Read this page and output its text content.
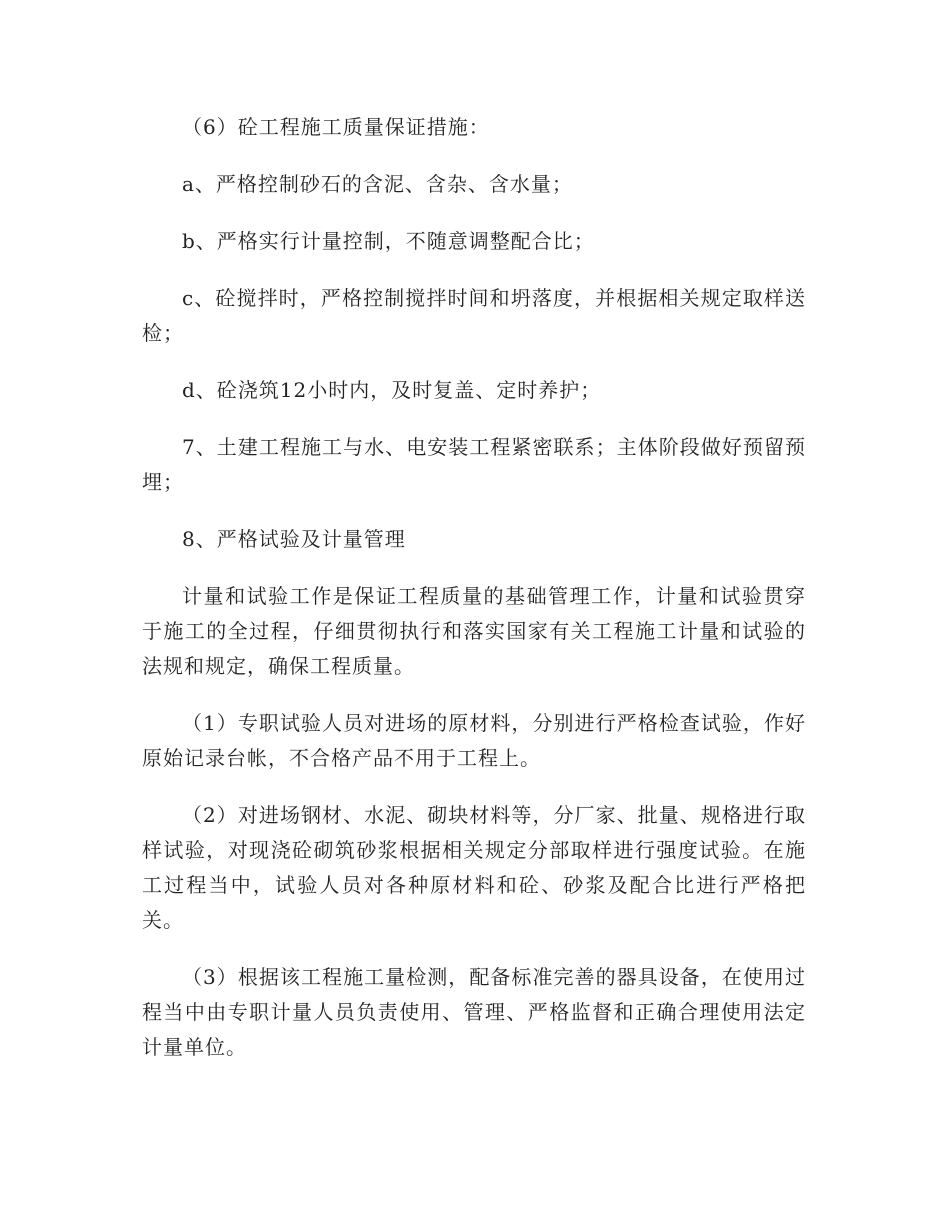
（6）砼工程施工质量保证措施：

a、严格控制砂石的含泥、含杂、含水量；

b、严格实行计量控制，不随意调整配合比；

c、砼搅拌时，严格控制搅拌时间和坍落度，并根据相关规定取样送检；

d、砼浇筑12小时内，及时复盖、定时养护；

7、土建工程施工与水、电安装工程紧密联系；主体阶段做好预留预埋；

8、严格试验及计量管理

计量和试验工作是保证工程质量的基础管理工作，计量和试验贯穿于施工的全过程，仔细贯彻执行和落实国家有关工程施工计量和试验的法规和规定，确保工程质量。

（1）专职试验人员对进场的原材料，分别进行严格检查试验，作好原始记录台帐，不合格产品不用于工程上。

（2）对进场钢材、水泥、砌块材料等，分厂家、批量、规格进行取样试验，对现浇砼砌筑砂浆根据相关规定分部取样进行强度试验。在施工过程当中，试验人员对各种原材料和砼、砂浆及配合比进行严格把关。

（3）根据该工程施工量检测，配备标准完善的器具设备，在使用过程当中由专职计量人员负责使用、管理、严格监督和正确合理使用法定计量单位。
